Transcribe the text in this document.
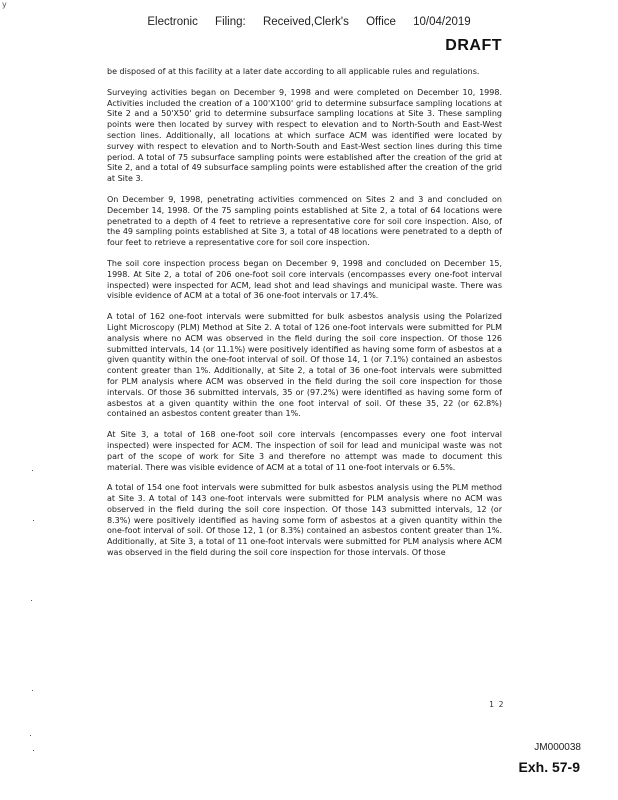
y
Electronic Filing: Received,Clerk's Office 10/04/2019
DRAFT

be disposed of at this facility at a later date according to all applicable rules and regulations.

Surveying activities began on December 9, 1998 and were completed on December 10, 1998. Activities included the creation of a 100'X100' grid to determine subsurface sampling locations at Site 2 and a 50'X50' grid to determine subsurface sampling locations at Site 3. These sampling points were then located by survey with respect to elevation and to North-South and East-West section lines. Additionally, all locations at which surface ACM was identified were located by survey with respect to elevation and to North-South and East-West section lines during this time period. A total of 75 subsurface sampling points were established after the creation of the grid at Site 2, and a total of 49 subsurface sampling points were established after the creation of the grid at Site 3.

On December 9, 1998, penetrating activities commenced on Sites 2 and 3 and concluded on December 14, 1998. Of the 75 sampling points established at Site 2, a total of 64 locations were penetrated to a depth of 4 feet to retrieve a representative core for soil core inspection. Also, of the 49 sampling points established at Site 3, a total of 48 locations were penetrated to a depth of four feet to retrieve a representative core for soil core inspection.

The soil core inspection process began on December 9, 1998 and concluded on December 15, 1998. At Site 2, a total of 206 one-foot soil core intervals (encompasses every one-foot interval inspected) were inspected for ACM, lead shot and lead shavings and municipal waste. There was visible evidence of ACM at a total of 36 one-foot intervals or 17.4%.

A total of 162 one-foot intervals were submitted for bulk asbestos analysis using the Polarized Light Microscopy (PLM) Method at Site 2. A total of 126 one-foot intervals were submitted for PLM analysis where no ACM was observed in the field during the soil core inspection. Of those 126 submitted intervals, 14 (or 11.1%) were positively identified as having some form of asbestos at a given quantity within the one-foot interval of soil. Of those 14, 1 (or 7.1%) contained an asbestos content greater than 1%. Additionally, at Site 2, a total of 36 one-foot intervals were submitted for PLM analysis where ACM was observed in the field during the soil core inspection for those intervals. Of those 36 submitted intervals, 35 or (97.2%) were identified as having some form of asbestos at a given quantity within the one foot interval of soil. Of these 35, 22 (or 62.8%) contained an asbestos content greater than 1%.

At Site 3, a total of 168 one-foot soil core intervals (encompasses every one foot interval inspected) were inspected for ACM. The inspection of soil for lead and municipal waste was not part of the scope of work for Site 3 and therefore no attempt was made to document this material. There was visible evidence of ACM at a total of 11 one-foot intervals or 6.5%.

A total of 154 one foot intervals were submitted for bulk asbestos analysis using the PLM method at Site 3. A total of 143 one-foot intervals were submitted for PLM analysis where no ACM was observed in the field during the soil core inspection. Of those 143 submitted intervals, 12 (or 8.3%) were positively identified as having some form of asbestos at a given quantity within the one-foot interval of soil. Of those 12, 1 (or 8.3%) contained an asbestos content greater than 1%. Additionally, at Site 3, a total of 11 one-foot intervals were submitted for PLM analysis where ACM was observed in the field during the soil core inspection for those intervals. Of those

1 2
JM000038
Exh. 57-9
